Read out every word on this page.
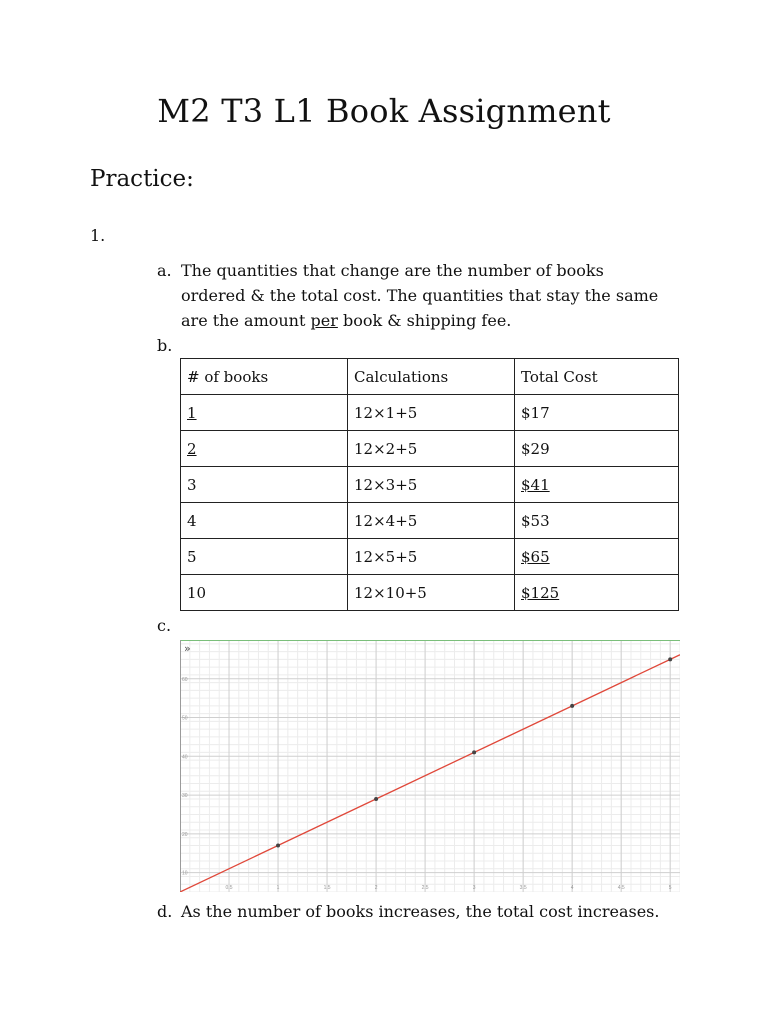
M2 T3 L1 Book Assignment
Practice:
1.
a. The quantities that change are the number of books ordered & the total cost. The quantities that stay the same are the amount per book & shipping fee.
b.
# of books	Calculations	Total Cost
1	12×1+5	$17
2	12×2+5	$29
3	12×3+5	$41
4	12×4+5	$53
5	12×5+5	$65
10	12×10+5	$125
c.
0.5	1	1.5	2	2.5	3	3.5	4	4.5	5
10
20
30
40
50
60
»
d. As the number of books increases, the total cost increases.
